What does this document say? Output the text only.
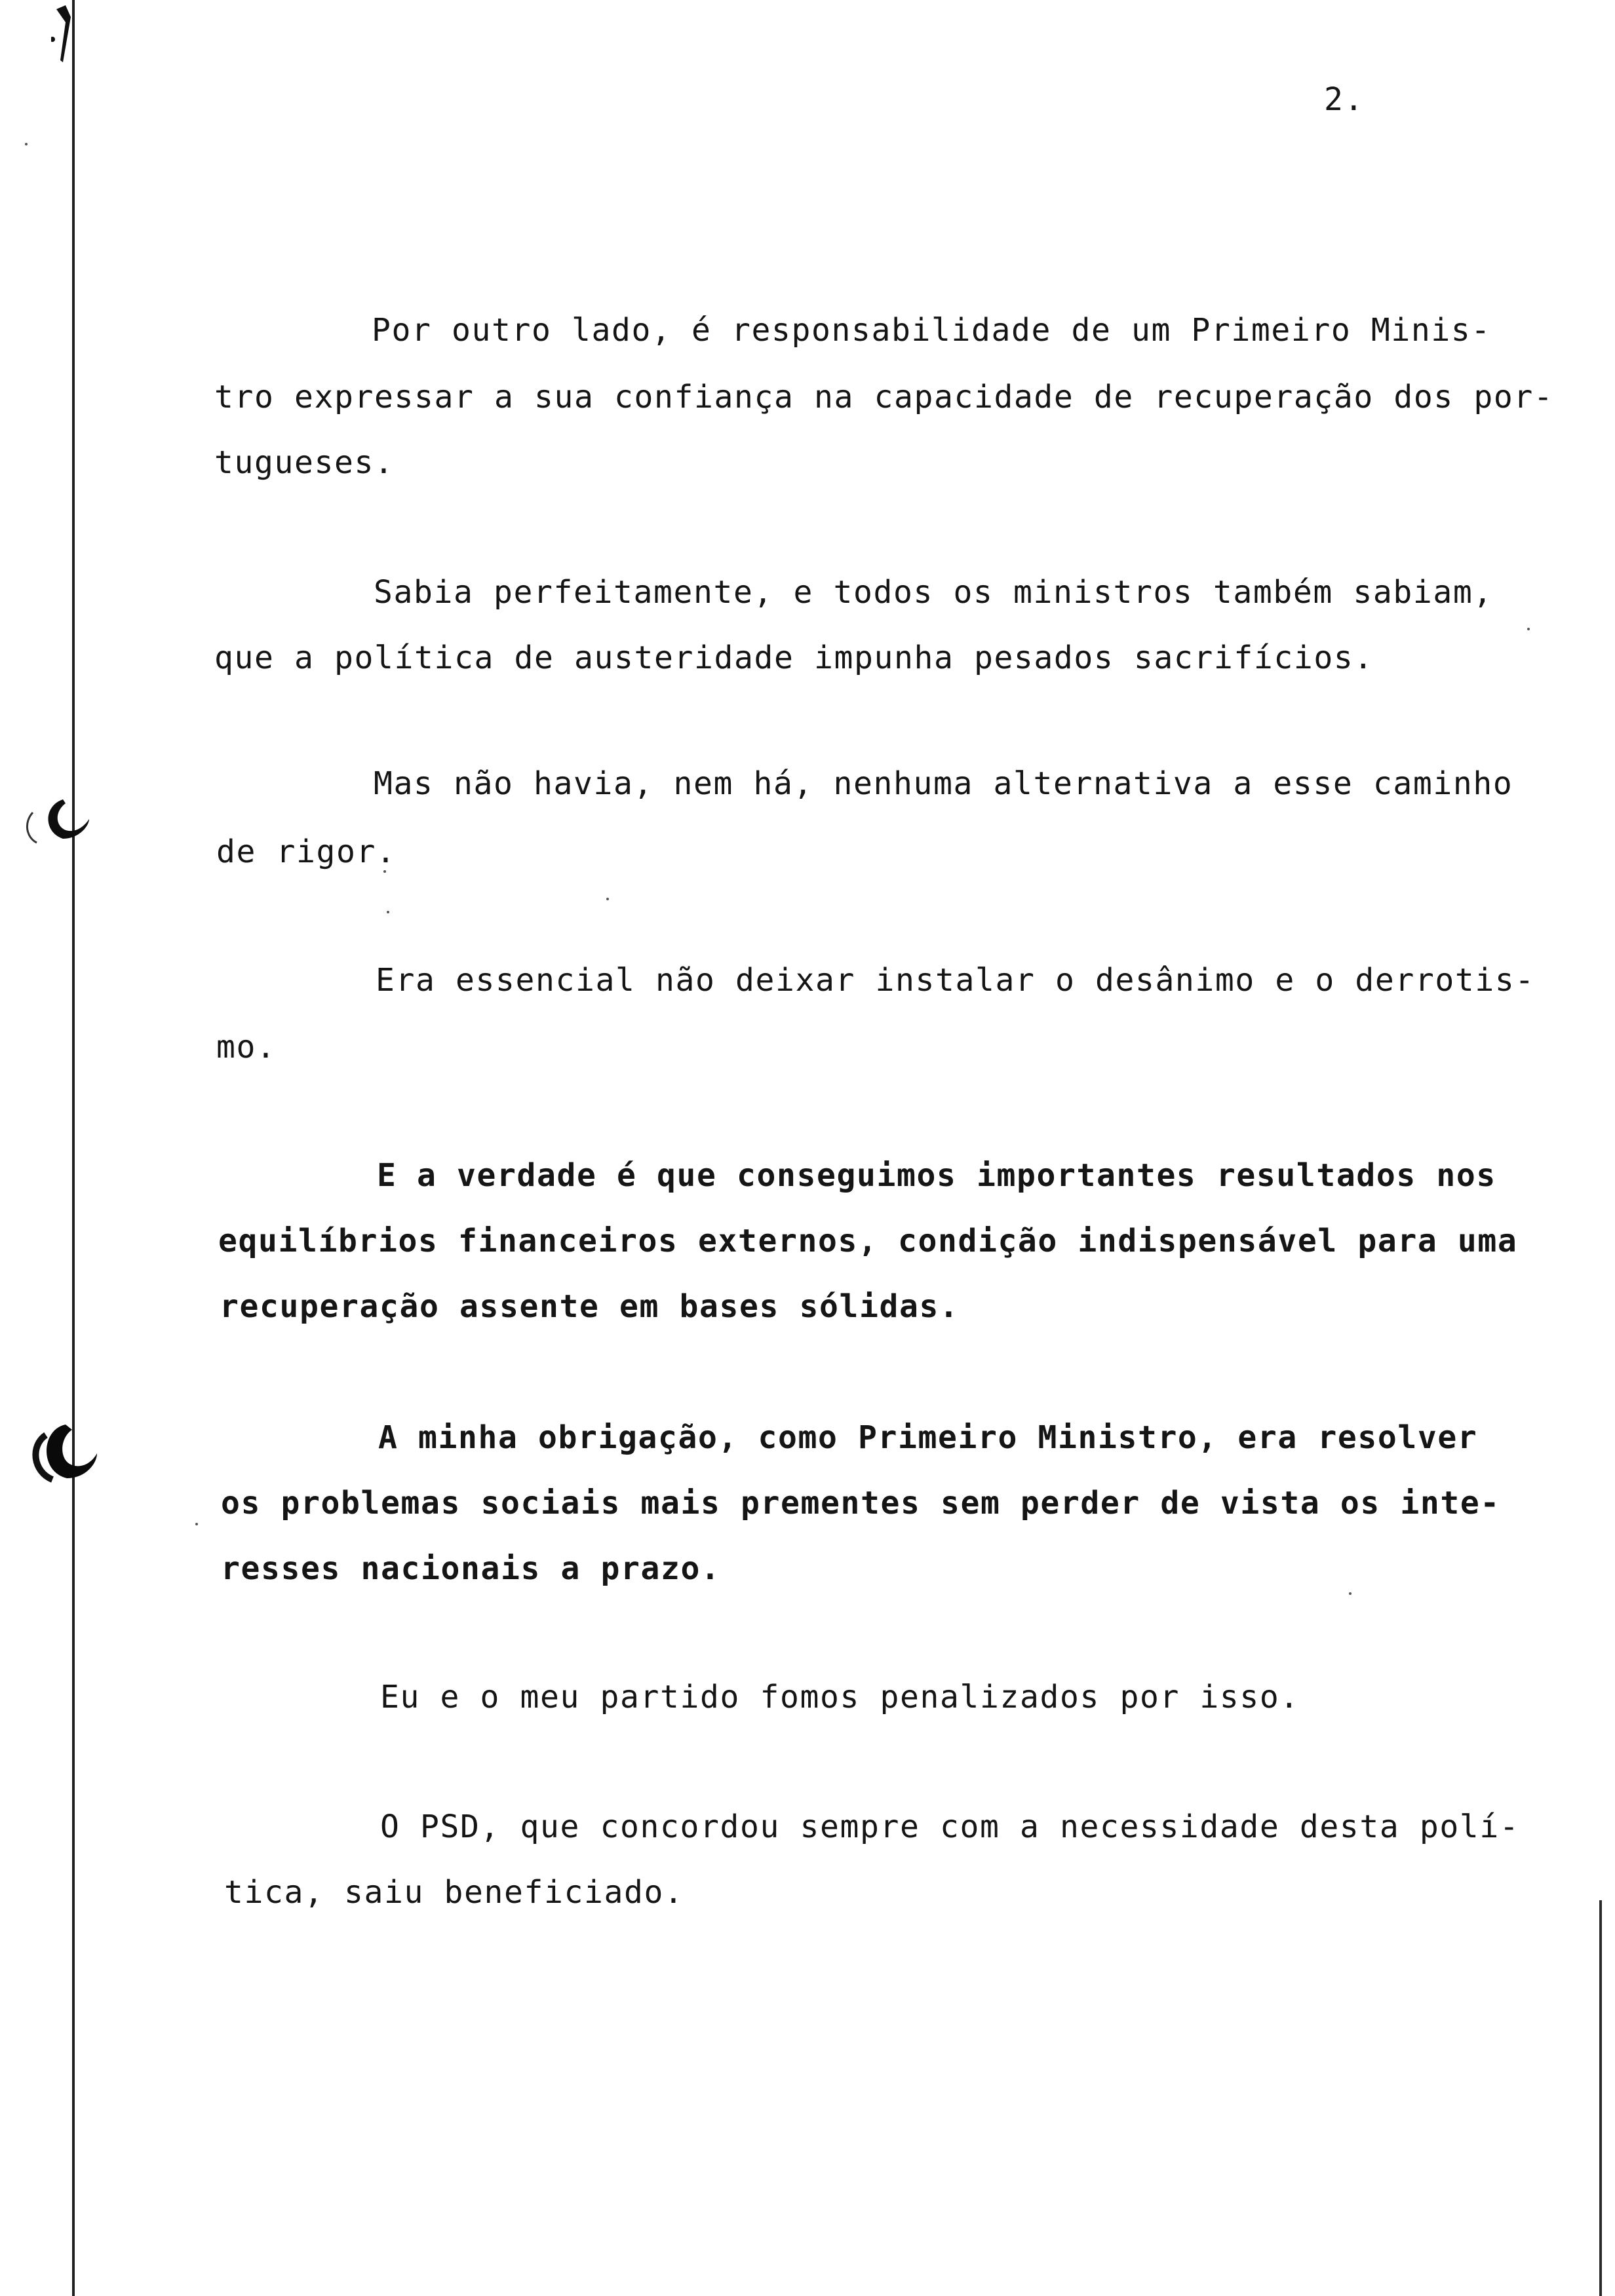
2.
Por outro lado, é responsabilidade de um Primeiro Minis-
tro expressar a sua confiança na capacidade de recuperação dos por-
tugueses.
Sabia perfeitamente, e todos os ministros também sabiam,
que a política de austeridade impunha pesados sacrifícios.
Mas não havia, nem há, nenhuma alternativa a esse caminho
de rigor.
Era essencial não deixar instalar o desânimo e o derrotis-
mo.
E a verdade é que conseguimos importantes resultados nos
equilíbrios financeiros externos, condição indispensável para uma
recuperação assente em bases sólidas.
A minha obrigação, como Primeiro Ministro, era resolver
os problemas sociais mais prementes sem perder de vista os inte-
resses nacionais a prazo.
Eu e o meu partido fomos penalizados por isso.
O PSD, que concordou sempre com a necessidade desta polí-
tica, saiu beneficiado.
